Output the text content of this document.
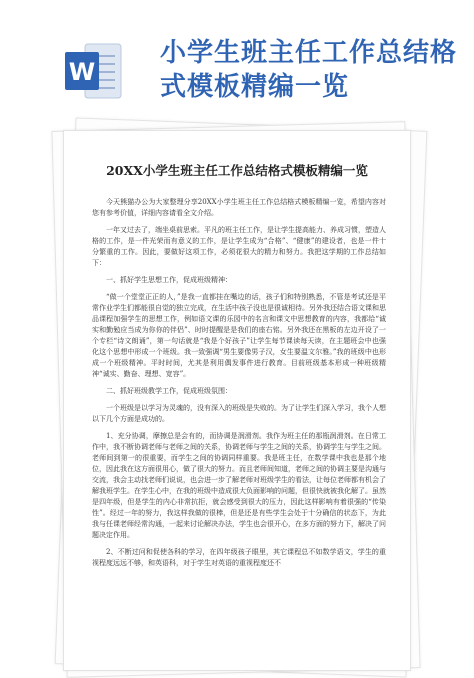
W
小学生班主任工作总结格式模板精编一览
20XX小学生班主任工作总结格式模板精编一览

今天熊猫办公为大家整理分享20XX小学生班主任工作总结格式模板精编一览，希望内容对您有参考价值，详细内容请看全文介绍。

一年又过去了，端坐桌前思索。平凡的班主任工作，是让学生提高能力、养成习惯，塑造人格的工作，是一件光荣而有意义的工作，是让学生成为“合格”、“健康”的建设者，也是一件十分繁重的工作。因此，要做好这项工作，必须花很大的精力和努力。我把这学期的工作总结如下：

一、抓好学生思想工作，促成班级精神：

“做一个堂堂正正的人，”是我一直都挂在嘴边的话，孩子们和特别熟悉，不管是考试还是平常作业学生们都能很自觉的独立完成，在生活中孩子没也是很诚相待。另外我还结合语文课和思品课程加强学生的思想工作，例如语文课的乐园中的名言和课文中思想教育的内容，我都给“诚实和勤勉应当成为你你的伴侣”、时时提醒是是我们的座右铭。另外我还在黑板的左边开设了一个专栏“诗文朗诵”，第一句话就是“我是个好孩子”让学生每节课读每天读，在主题班会中也强化这个思想中形成一个班级。我一致强调“男生要像男子汉，女生要温文尔雅。”我的班级中也形成一个班级精神。平时时间，尤其是利用偶发事件进行教育。目前班级基本形成一种班级精神“诚实、勤奋、理想、宽容”。

二、抓好班级教学工作，促成班级氛围：

一个班级是以学习为灵魂的，没有深入的班级是失败的。为了让学生们深入学习，我个人想以下几个方面是成功的。

1、充分协调，摩擦总是会有的，而协调是润滑剂。我作为班主任的那瓶润滑剂。在日常工作中，我不断协调老师与老师之间的关系，协调老师与学生之间的关系，协调学生与学生之间。老师间到第一的很重要，而学生之间的协调同样重要。我是班主任，在数学课中我也是那个地位，因此我在这方面很用心，做了很大的努力。而且老师间知道，老师之间的协调主要是沟通与交流，我会主动找老师们说说，也会进一步了解老师对班级学生的看法，让每位老师都有机会了解我班学生。在学生心中，在我的班级中造成很大负面影响的问题，但很快就被我化解了。虽然是四年级，但是学生的内心非常抗拒，就会感受到很大的压力，因此这样影响有着很强的“传染性”。经过一年的努力，我这样我做的很棒，但是还是有些学生会处于十分确信的状态下，为此我与任课老师经常沟通，一起来讨论解决办法，学生也会很开心，在多方面的努力下，解决了问题决定作用。

2、不断过问和促使各科的学习，在四年级孩子眼里，其它课程总不如数学语文，学生的重视程度远远不够，和英语科，对于学生对英语的重视程度还不
